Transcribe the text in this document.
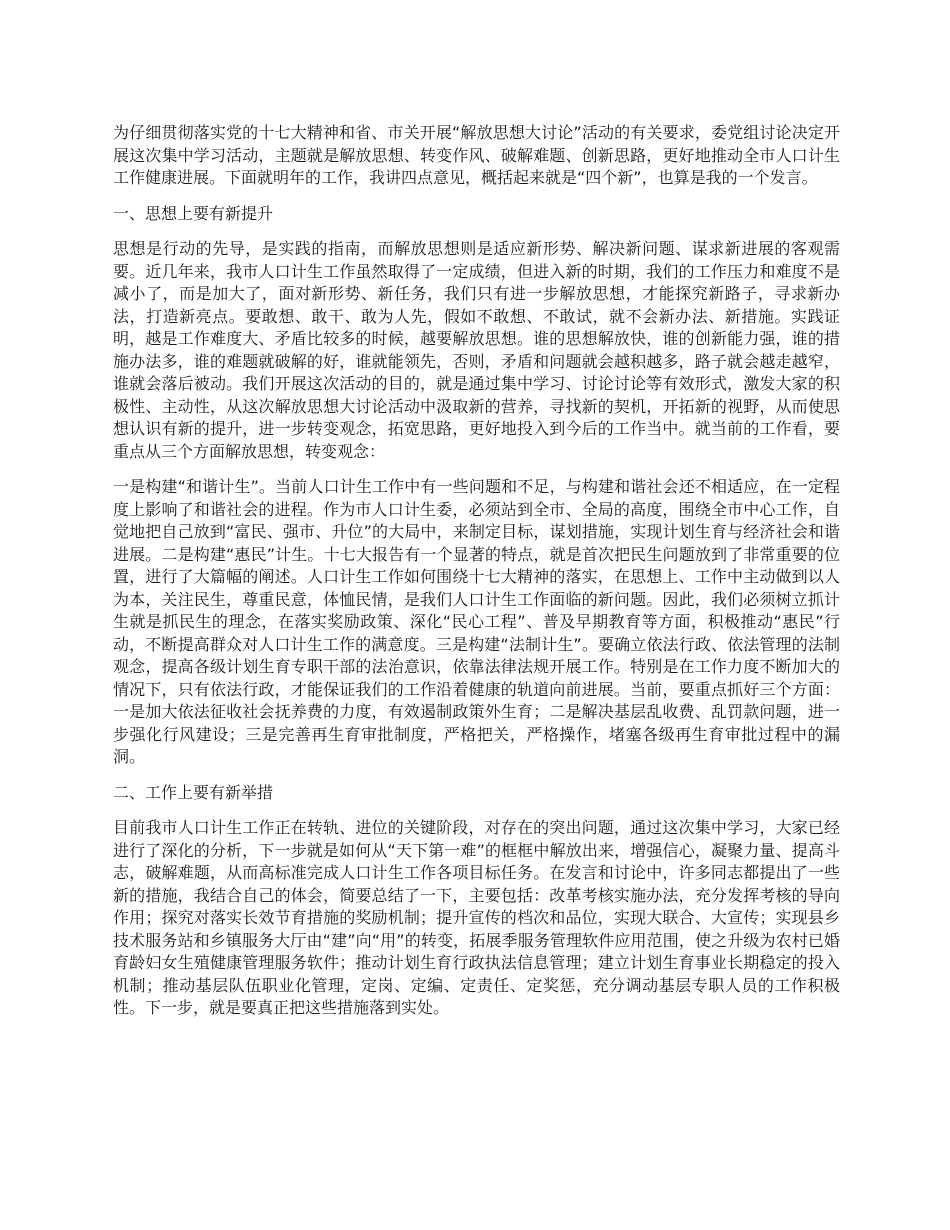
为仔细贯彻落实党的十七大精神和省、市关开展“解放思想大讨论”活动的有关要求，委党组讨论决定开展这次集中学习活动，主题就是解放思想、转变作风、破解难题、创新思路，更好地推动全市人口计生工作健康进展。下面就明年的工作，我讲四点意见，概括起来就是“四个新”，也算是我的一个发言。

一、思想上要有新提升

思想是行动的先导，是实践的指南，而解放思想则是适应新形势、解决新问题、谋求新进展的客观需要。近几年来，我市人口计生工作虽然取得了一定成绩，但进入新的时期，我们的工作压力和难度不是减小了，而是加大了，面对新形势、新任务，我们只有进一步解放思想，才能探究新路子，寻求新办法，打造新亮点。要敢想、敢干、敢为人先，假如不敢想、不敢试，就不会新办法、新措施。实践证明，越是工作难度大、矛盾比较多的时候，越要解放思想。谁的思想解放快，谁的创新能力强，谁的措施办法多，谁的难题就破解的好，谁就能领先，否则，矛盾和问题就会越积越多，路子就会越走越窄，谁就会落后被动。我们开展这次活动的目的，就是通过集中学习、讨论讨论等有效形式，激发大家的积极性、主动性，从这次解放思想大讨论活动中汲取新的营养，寻找新的契机，开拓新的视野，从而使思想认识有新的提升，进一步转变观念，拓宽思路，更好地投入到今后的工作当中。就当前的工作看，要重点从三个方面解放思想，转变观念：

一是构建“和谐计生”。当前人口计生工作中有一些问题和不足，与构建和谐社会还不相适应，在一定程度上影响了和谐社会的进程。作为市人口计生委，必须站到全市、全局的高度，围绕全市中心工作，自觉地把自己放到“富民、强市、升位”的大局中，来制定目标，谋划措施，实现计划生育与经济社会和谐进展。二是构建“惠民”计生。十七大报告有一个显著的特点，就是首次把民生问题放到了非常重要的位置，进行了大篇幅的阐述。人口计生工作如何围绕十七大精神的落实，在思想上、工作中主动做到以人为本，关注民生，尊重民意，体恤民情，是我们人口计生工作面临的新问题。因此，我们必须树立抓计生就是抓民生的理念，在落实奖励政策、深化“民心工程”、普及早期教育等方面，积极推动“惠民”行动，不断提高群众对人口计生工作的满意度。三是构建“法制计生”。要确立依法行政、依法管理的法制观念，提高各级计划生育专职干部的法治意识，依靠法律法规开展工作。特别是在工作力度不断加大的情况下，只有依法行政，才能保证我们的工作沿着健康的轨道向前进展。当前，要重点抓好三个方面：一是加大依法征收社会抚养费的力度，有效遏制政策外生育；二是解决基层乱收费、乱罚款问题，进一步强化行风建设；三是完善再生育审批制度，严格把关，严格操作，堵塞各级再生育审批过程中的漏洞。

二、工作上要有新举措

目前我市人口计生工作正在转轨、进位的关键阶段，对存在的突出问题，通过这次集中学习，大家已经进行了深化的分析，下一步就是如何从“天下第一难”的框框中解放出来，增强信心，凝聚力量、提高斗志，破解难题，从而高标准完成人口计生工作各项目标任务。在发言和讨论中，许多同志都提出了一些新的措施，我结合自己的体会，简要总结了一下，主要包括：改革考核实施办法，充分发挥考核的导向作用；探究对落实长效节育措施的奖励机制；提升宣传的档次和品位，实现大联合、大宣传；实现县乡技术服务站和乡镇服务大厅由“建”向“用”的转变，拓展季服务管理软件应用范围，使之升级为农村已婚育龄妇女生殖健康管理服务软件；推动计划生育行政执法信息管理；建立计划生育事业长期稳定的投入机制；推动基层队伍职业化管理，定岗、定编、定责任、定奖惩，充分调动基层专职人员的工作积极性。下一步，就是要真正把这些措施落到实处。
